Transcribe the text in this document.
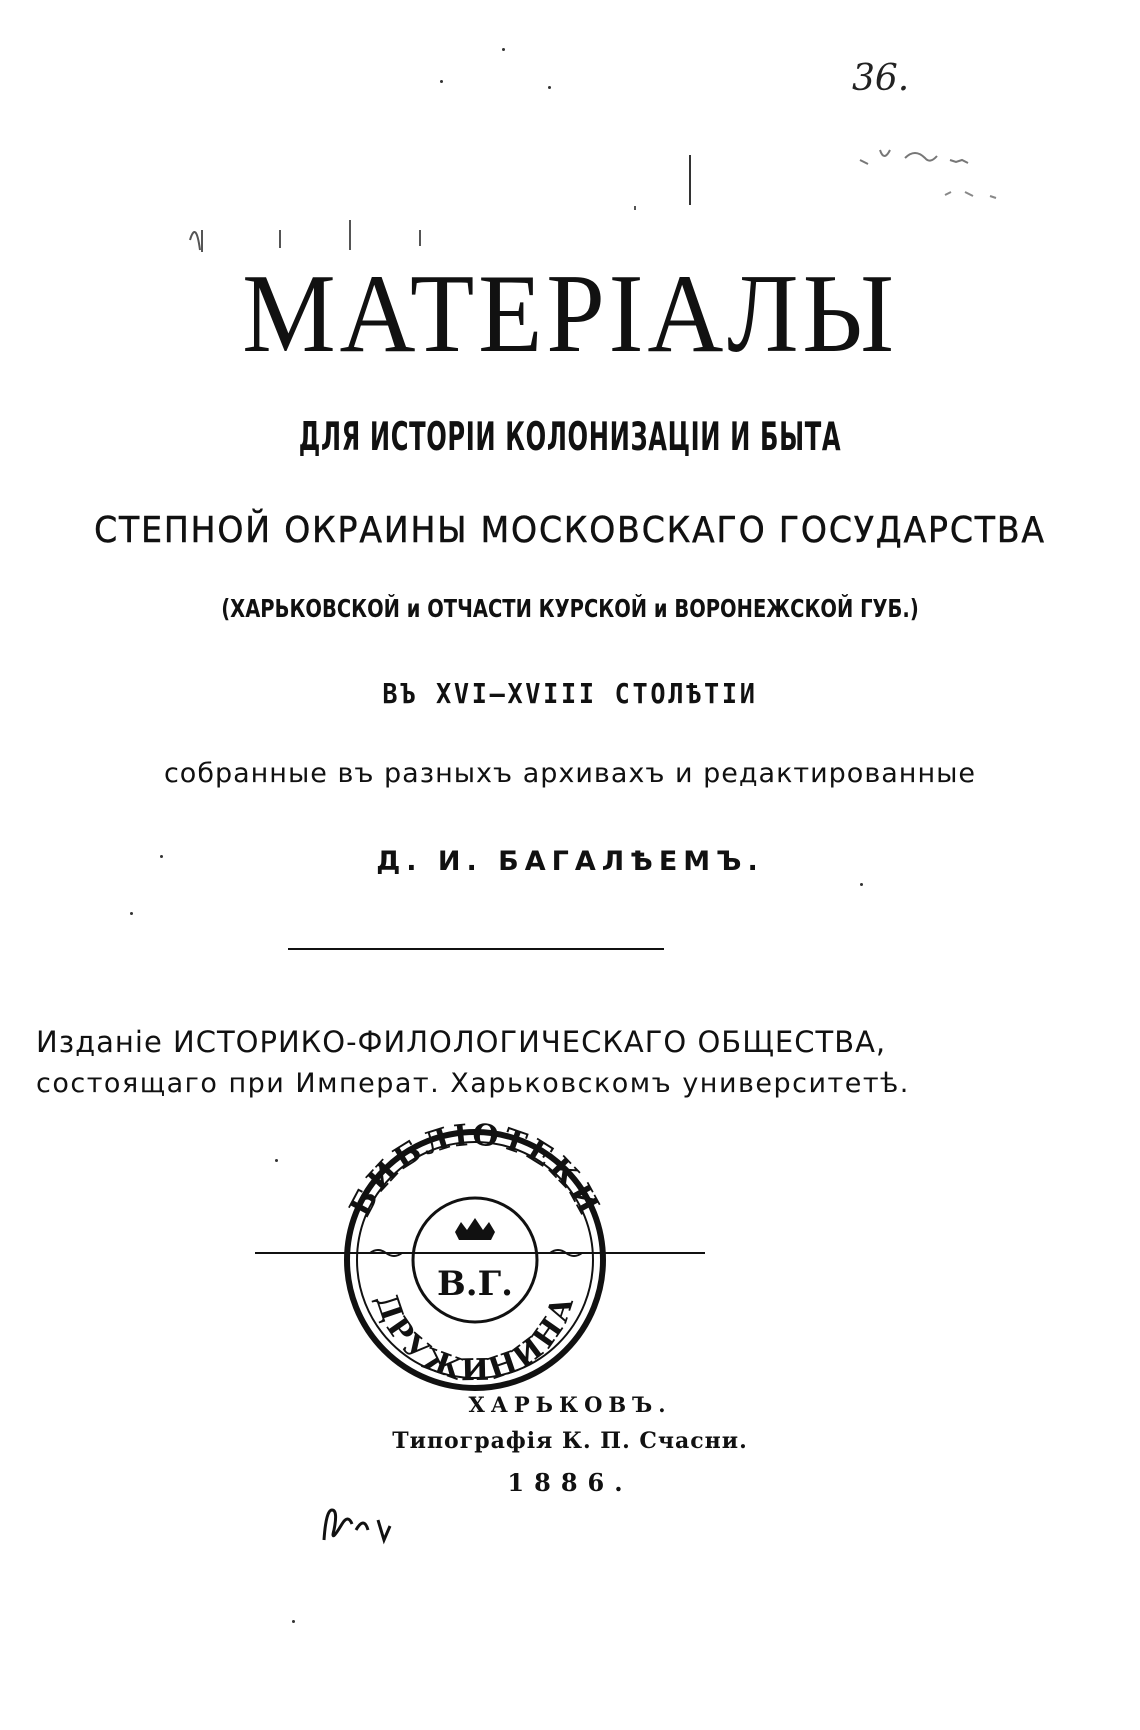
36.
МАТЕРІАЛЫ
ДЛЯ ИСТОРІИ КОЛОНИЗАЦІИ И БЫТА
СТЕПНОЙ ОКРАИНЫ МОСКОВСКАГО ГОСУДАРСТВА
(ХАРЬКОВСКОЙ и ОТЧАСТИ КУРСКОЙ и ВОРОНЕЖСКОЙ ГУБ.)
ВЪ XVI—XVIII СТОЛѢТІИ
собранные въ разныхъ архивахъ и редактированные
Д. И. БАГАЛѢЕМЪ.
Изданіе ИСТОРИКО-ФИЛОЛОГИЧЕСКАГО ОБЩЕСТВА,
состоящаго при Императ. Харьковскомъ университетѣ.
БИБЛІОТЕКИ
ДРУЖИНИНА
В.Г.
ХАРЬКОВЪ.
Типографія К. П. Счасни.
1886.
